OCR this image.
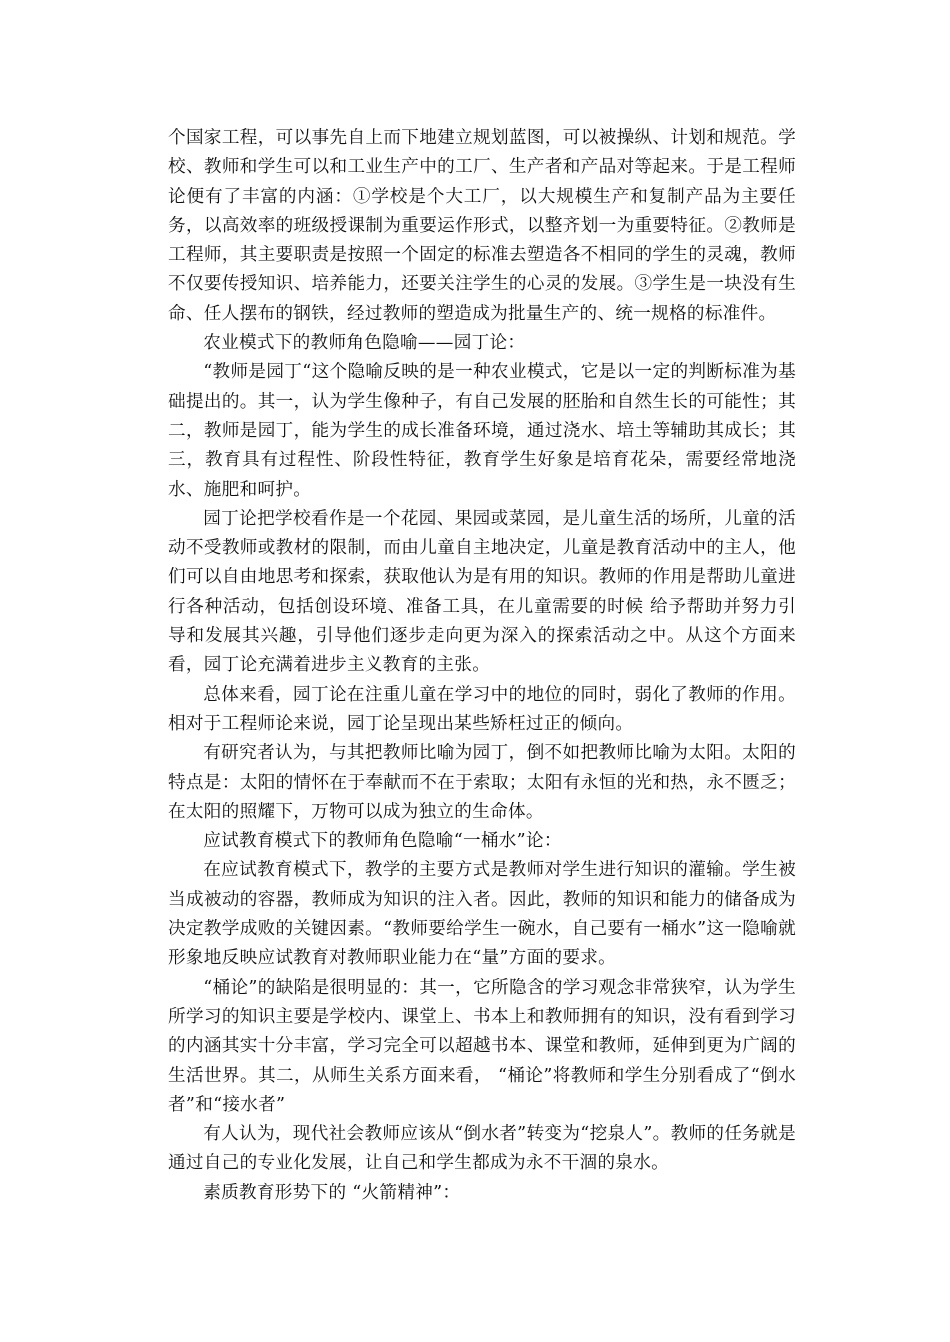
个国家工程，可以事先自上而下地建立规划蓝图，可以被操纵、计划和规范。学校、教师和学生可以和工业生产中的工厂、生产者和产品对等起来。于是工程师论便有了丰富的内涵：①学校是个大工厂，以大规模生产和复制产品为主要任务，以高效率的班级授课制为重要运作形式，以整齐划一为重要特征。②教师是工程师，其主要职责是按照一个固定的标准去塑造各不相同的学生的灵魂，教师不仅要传授知识、培养能力，还要关注学生的心灵的发展。③学生是一块没有生命、任人摆布的钢铁，经过教师的塑造成为批量生产的、统一规格的标准件。

农业模式下的教师角色隐喻——园丁论：

“教师是园丁“这个隐喻反映的是一种农业模式，它是以一定的判断标准为基础提出的。其一，认为学生像种子，有自己发展的胚胎和自然生长的可能性；其二，教师是园丁，能为学生的成长准备环境，通过浇水、培土等辅助其成长；其三，教育具有过程性、阶段性特征，教育学生好象是培育花朵，需要经常地浇水、施肥和呵护。

园丁论把学校看作是一个花园、果园或菜园，是儿童生活的场所，儿童的活动不受教师或教材的限制，而由儿童自主地决定，儿童是教育活动中的主人，他们可以自由地思考和探索，获取他认为是有用的知识。教师的作用是帮助儿童进行各种活动，包括创设环境、准备工具，在儿童需要的时候 给予帮助并努力引导和发展其兴趣，引导他们逐步走向更为深入的探索活动之中。从这个方面来看，园丁论充满着进步主义教育的主张。

总体来看，园丁论在注重儿童在学习中的地位的同时，弱化了教师的作用。相对于工程师论来说，园丁论呈现出某些矫枉过正的倾向。

有研究者认为，与其把教师比喻为园丁，倒不如把教师比喻为太阳。太阳的特点是：太阳的情怀在于奉献而不在于索取；太阳有永恒的光和热，永不匮乏；在太阳的照耀下，万物可以成为独立的生命体。

应试教育模式下的教师角色隐喻“一桶水”论：

在应试教育模式下，教学的主要方式是教师对学生进行知识的灌输。学生被当成被动的容器，教师成为知识的注入者。因此，教师的知识和能力的储备成为决定教学成败的关键因素。“教师要给学生一碗水，自己要有一桶水”这一隐喻就形象地反映应试教育对教师职业能力在“量”方面的要求。

“桶论”的缺陷是很明显的：其一，它所隐含的学习观念非常狭窄，认为学生所学习的知识主要是学校内、课堂上、书本上和教师拥有的知识，没有看到学习的内涵其实十分丰富，学习完全可以超越书本、课堂和教师，延伸到更为广阔的生活世界。其二，从师生关系方面来看， “桶论”将教师和学生分别看成了“倒水者”和“接水者”

有人认为，现代社会教师应该从“倒水者”转变为“挖泉人”。教师的任务就是通过自己的专业化发展，让自己和学生都成为永不干涸的泉水。

素质教育形势下的 “火箭精神”：
